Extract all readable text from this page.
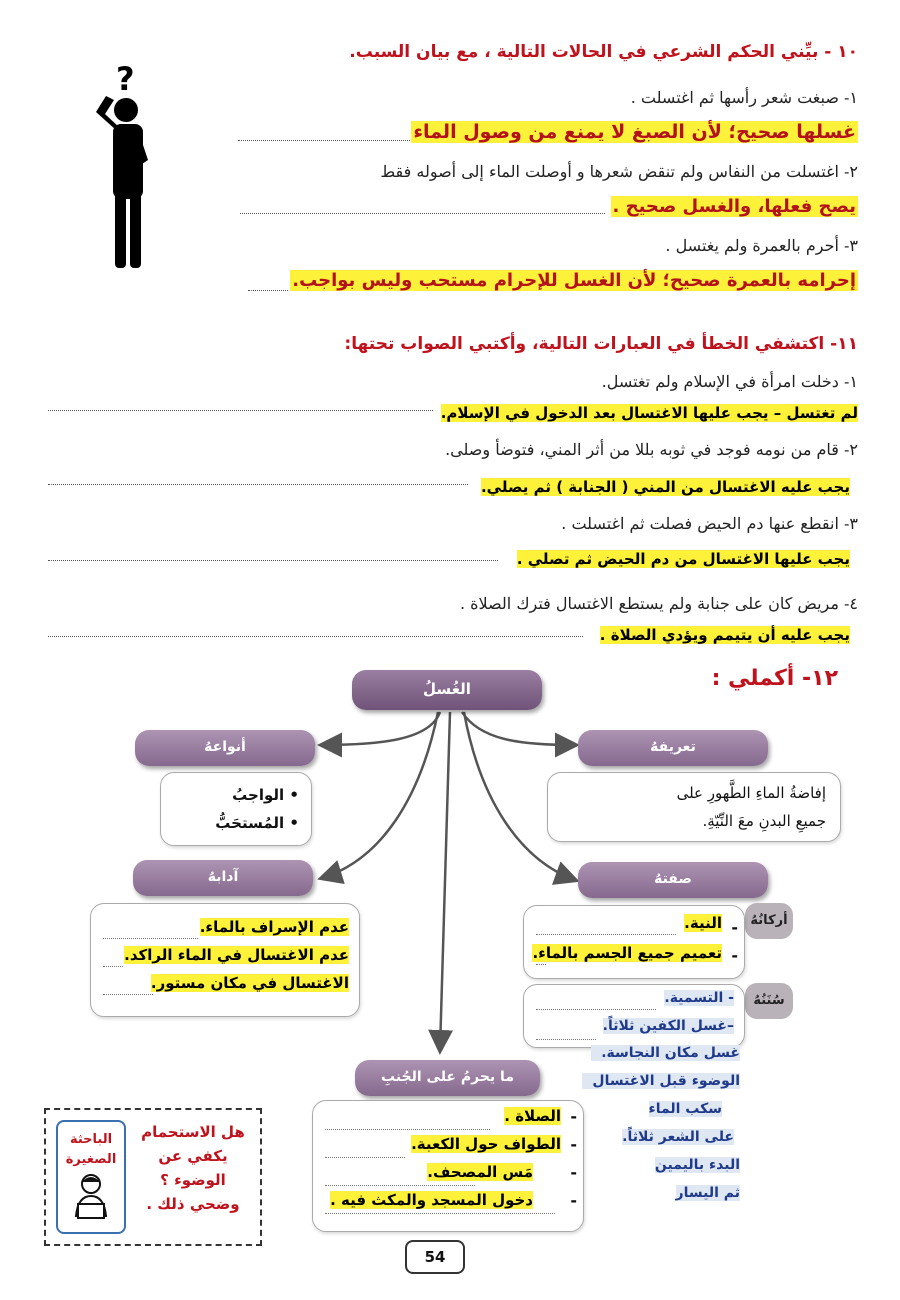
?
١٠ - بيِّني الحكم الشرعي في الحالات التالية ، مع بيان السبب.
١- صبغت شعر رأسها ثم اغتسلت .
غسلها صحيح؛ لأن الصبغ لا يمنع من وصول الماء
٢- اغتسلت من النفاس ولم تنقض شعرها و أوصلت الماء إلى أصوله فقط
يصح فعلها، والغسل صحيح .
٣- أحرم بالعمرة ولم يغتسل .
إحرامه بالعمرة صحيح؛ لأن الغسل للإحرام مستحب وليس بواجب.
١١- اكتشفي الخطأ في العبارات التالية، وأكتبي الصواب تحتها:
١- دخلت امرأة في الإسلام ولم تغتسل.
لم تغتسل – يجب عليها الاغتسال بعد الدخول في الإسلام.
٢- قام من نومه فوجد في ثوبه بللا من أثر المني، فتوضأ وصلى.
يجب عليه الاغتسال من المني ( الجنابة ) ثم يصلي.
٣- انقطع عنها دم الحيض فصلت ثم اغتسلت .
يجب عليها الاغتسال من دم الحيض ثم تصلي .
٤- مريض كان على جنابة ولم يستطع الاغتسال فترك الصلاة .
يجب عليه أن يتيمم ويؤدي الصلاة .
١٢- أكملي :
الغُسلُ
أنواعهُ
• الواجبُ
• المُستحَبُّ
تعريفهُ
إفاضةُ الماءِ الطَّهورِ على
جميعِ البدنِ معَ النِّيّةِ.
آدابهُ
عدم الإسراف بالماء.
عدم الاغتسال في الماء الراكد.
الاغتسال في مكان مستور.
صفتهُ
أركانُهُ
-
-
النية.
تعميم جميع الجسم بالماء.
سُنَنُهُ
- التسمية.
–غسل الكفين ثلاثاً.
غسل مكان النجاسة.
الوضوء قبل الاغتسال
سكب الماء
على الشعر ثلاثاً.
البدء باليمين
ثم اليسار
ما يحرمُ على الجُنبِ
-
-
-
-
الصلاة .
الطواف حول الكعبة.
مَس المصحف.
دخول المسجد والمكث فيه .
الباحثة
الصغيرة
هل الاستحمام
يكفي عن
الوضوء ؟
وضحي ذلك .
54
